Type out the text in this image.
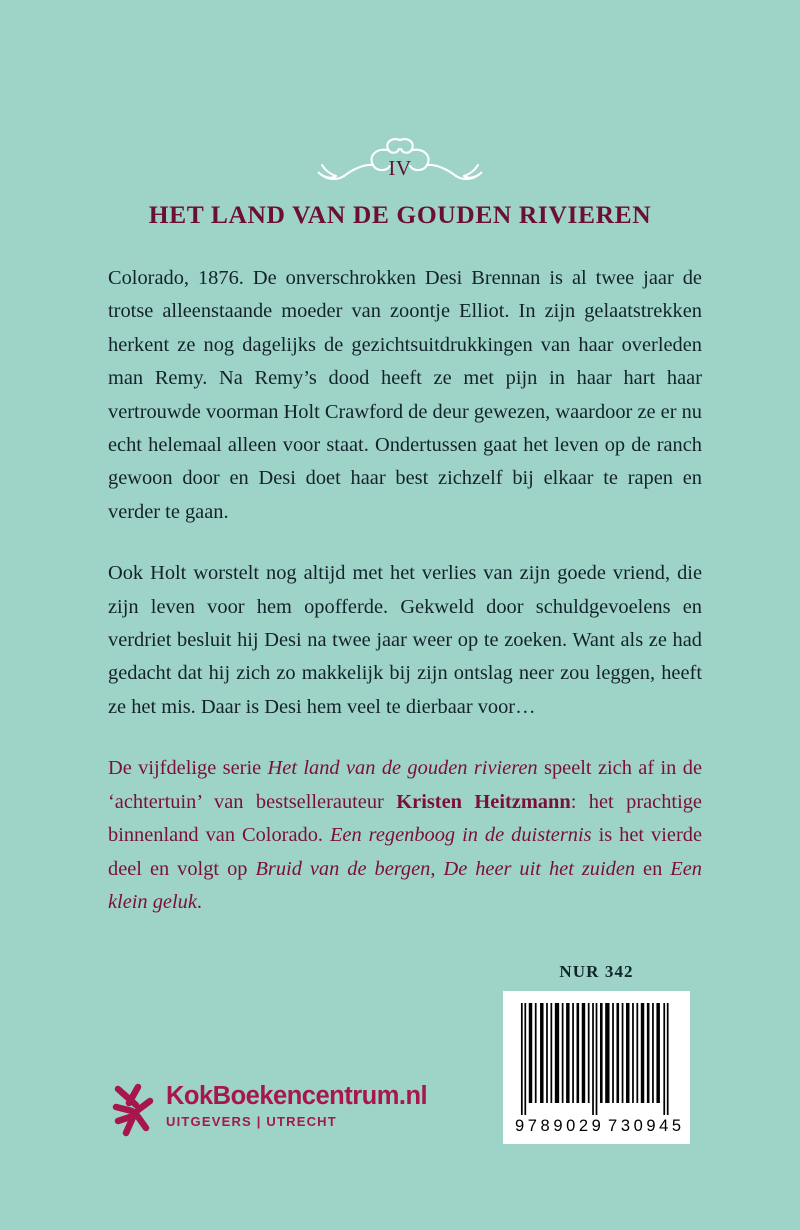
IV
HET LAND VAN DE GOUDEN RIVIEREN

Colorado, 1876. De onverschrokken Desi Brennan is al twee jaar de trotse alleenstaande moeder van zoontje Elliot. In zijn gelaatstrekken herkent ze nog dagelijks de gezichtsuitdrukkingen van haar overleden man Remy. Na Remy’s dood heeft ze met pijn in haar hart haar vertrouwde voorman Holt Crawford de deur gewezen, waardoor ze er nu echt helemaal alleen voor staat. Ondertussen gaat het leven op de ranch gewoon door en Desi doet haar best zichzelf bij elkaar te rapen en verder te gaan.

Ook Holt worstelt nog altijd met het verlies van zijn goede vriend, die zijn leven voor hem opofferde. Gekweld door schuldgevoelens en verdriet besluit hij Desi na twee jaar weer op te zoeken. Want als ze had gedacht dat hij zich zo makkelijk bij zijn ontslag neer zou leggen, heeft ze het mis. Daar is Desi hem veel te dierbaar voor…

De vijfdelige serie Het land van de gouden rivieren speelt zich af in de ‘achtertuin’ van bestsellerauteur Kristen Heitzmann: het prachtige binnenland van Colorado. Een regenboog in de duisternis is het vierde deel en volgt op Bruid van de bergen, De heer uit het zuiden en Een klein geluk.

NUR 342
9 789029 730945
KokBoekencentrum.nl
UITGEVERS | UTRECHT
